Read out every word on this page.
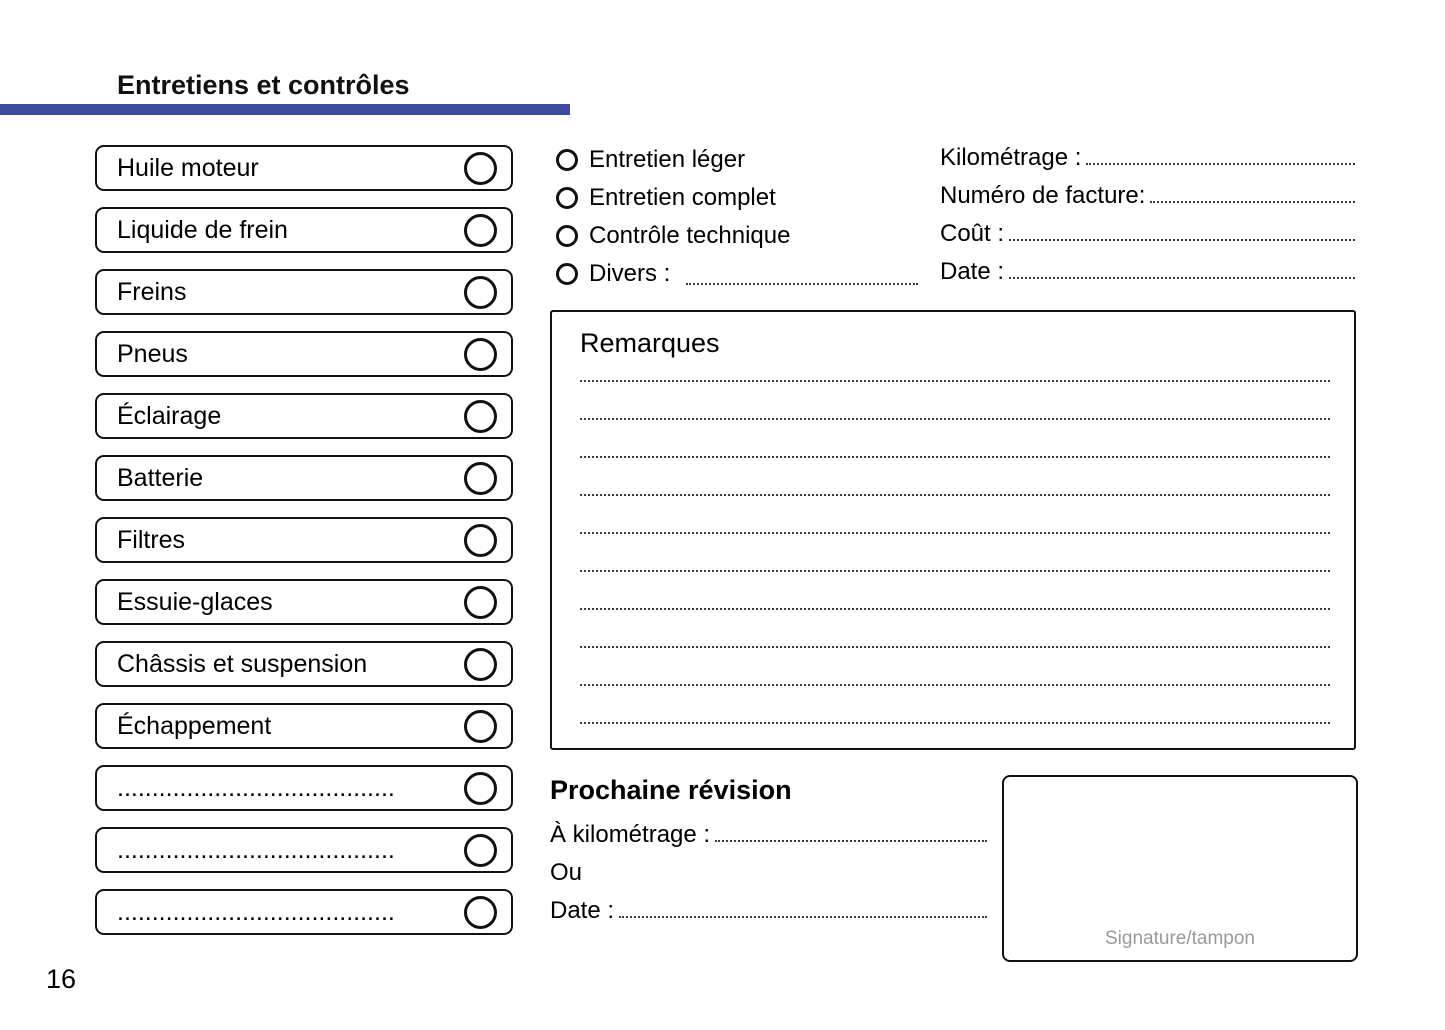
Entretiens et contrôles
Huile moteur
Liquide de frein
Freins
Pneus
Éclairage
Batterie
Filtres
Essuie-glaces
Châssis et suspension
Échappement
........................................
........................................
........................................
Entretien léger
Entretien complet
Contrôle technique
Divers :
Kilométrage :
Numéro de facture:
Coût :
Date :
Remarques
Prochaine révision
À kilométrage :
Ou
Date :
Signature/tampon
16
